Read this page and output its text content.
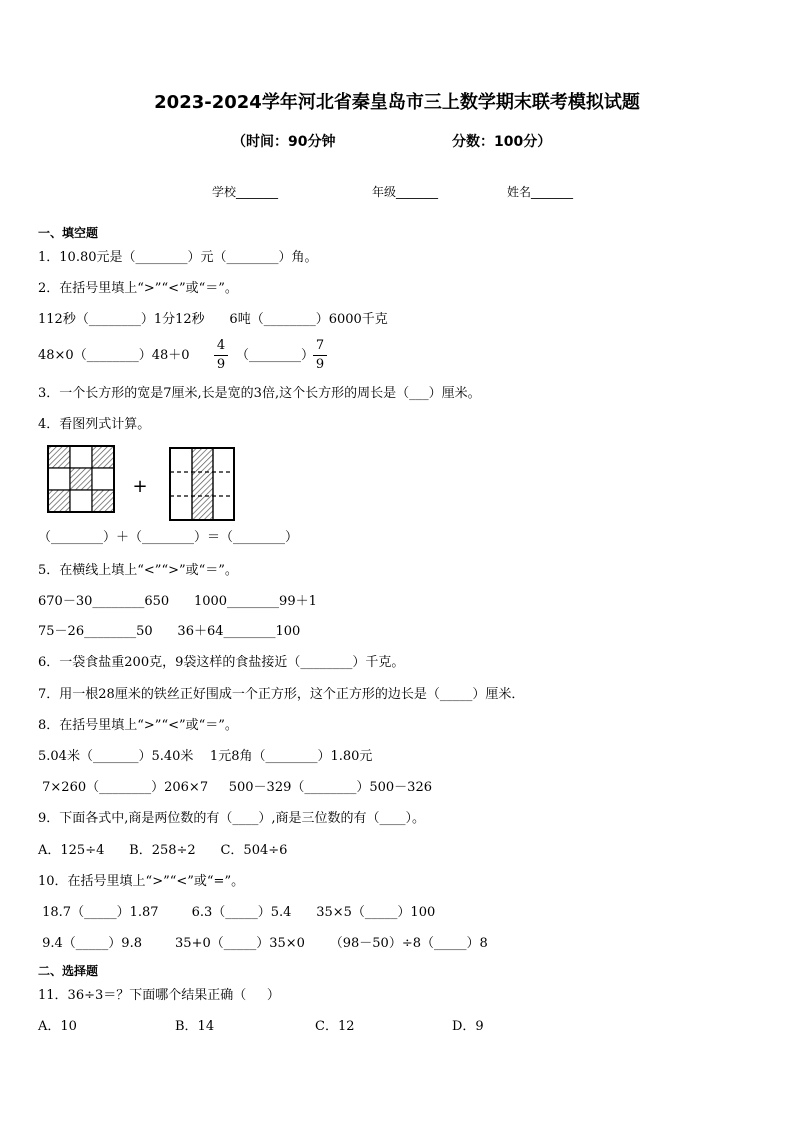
2023-2024学年河北省秦皇岛市三上数学期末联考模拟试题
（时间：90分钟	分数：100分）
学校_______	年级_______	姓名_______
一、填空题
1．10.80元是（________）元（________）角。
2．在括号里填上“>”“<”或“＝”。
112秒（________）1分12秒      6吨（________）6000千克
48×0（________）48＋0
4
9
（________）
7
9
3．一个长方形的宽是7厘米,长是宽的3倍,这个长方形的周长是（___）厘米。
4．看图列式计算。
+
（________）＋（________）＝（________）
5．在横线上填上“<”“>”或“＝”。
670－30________650      1000________99＋1
75－26________50      36＋64________100
6．一袋食盐重200克，9袋这样的食盐接近（________）千克。
7．用一根28厘米的铁丝正好围成一个正方形，这个正方形的边长是（_____）厘米．
8．在括号里填上“>”“<”或“＝”。
5.04米（_______）5.40米    1元8角（________）1.80元
7×260（________）206×7     500－329（________）500－326
9．下面各式中,商是两位数的有（____）,商是三位数的有（____）。
A．125÷4      B．258÷2      C．504÷6
10．在括号里填上“>”“<”或“=”。
18.7（_____）1.87        6.3（_____）5.4      35×5（_____）100
9.4（_____）9.8        35+0（_____）35×0      （98－50）÷8（_____）8
二、选择题
11．36÷3＝？下面哪个结果正确（     ）
A．10	B．14	C．12	D．9
